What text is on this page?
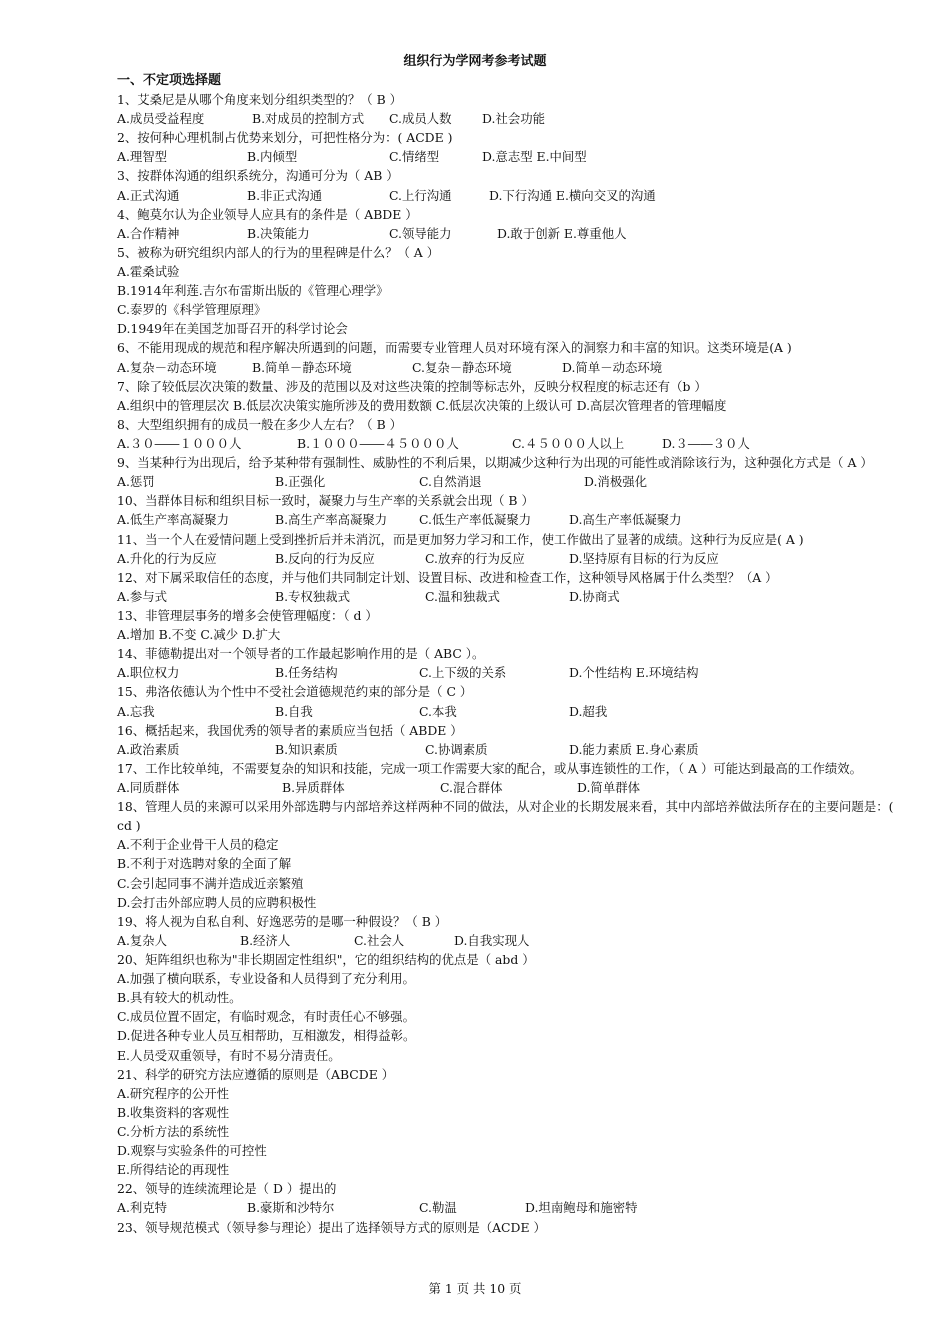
组织行为学网考参考试题
一、不定项选择题
1、艾桑尼是从哪个角度来划分组织类型的？（ B ）
A.成员受益程度	B.对成员的控制方式 C.成员人数 D.社会功能
2、按何种心理机制占优势来划分，可把性格分为：( ACDE )
A.理智型	B.内倾型	C.情绪型	D.意志型 E.中间型
3、按群体沟通的组织系统分，沟通可分为（ AB ）
A.正式沟通	B.非正式沟通	C.上行沟通	D.下行沟通 E.横向交叉的沟通
4、鲍莫尔认为企业领导人应具有的条件是（ ABDE ）
A.合作精神	B.决策能力	C.领导能力	D.敢于创新 E.尊重他人
5、被称为研究组织内部人的行为的里程碑是什么？（ A ）
A.霍桑试验
B.1914年利莲.吉尔布雷斯出版的《管理心理学》
C.泰罗的《科学管理原理》
D.1949年在美国芝加哥召开的科学讨论会
6、不能用现成的规范和程序解决所遇到的问题，而需要专业管理人员对环境有深入的洞察力和丰富的知识。这类环境是(A )
A.复杂－动态环境	B.简单－静态环境	C.复杂－静态环境	D.简单－动态环境
7、除了较低层次决策的数量、涉及的范围以及对这些决策的控制等标志外，反映分权程度的标志还有（b ）
A.组织中的管理层次 B.低层次决策实施所涉及的费用数额 C.低层次决策的上级认可 D.高层次管理者的管理幅度
8、大型组织拥有的成员一般在多少人左右？（ B ）
A.３０――１０００人	B.１０００――４５０００人	C.４５０００人以上	D.３――３０人
9、当某种行为出现后，给予某种带有强制性、威胁性的不利后果，以期减少这种行为出现的可能性或消除该行为，这种强化方式是（ A ）
A.惩罚	B.正强化	C.自然消退	D.消极强化
10、当群体目标和组织目标一致时，凝聚力与生产率的关系就会出现（ B ）
A.低生产率高凝聚力	B.高生产率高凝聚力	C.低生产率低凝聚力	D.高生产率低凝聚力
11、当一个人在爱情问题上受到挫折后并未消沉，而是更加努力学习和工作，使工作做出了显著的成绩。这种行为反应是( A )
A.升化的行为反应	B.反向的行为反应	C.放弃的行为反应	D.坚持原有目标的行为反应
12、对下属采取信任的态度，并与他们共同制定计划、设置目标、改进和检查工作，这种领导风格属于什么类型？（A ）
A.参与式	B.专权独裁式	C.温和独裁式	D.协商式
13、非管理层事务的增多会使管理幅度：（ d ）
A.增加 B.不变 C.减少 D.扩大
14、菲德勒提出对一个领导者的工作最起影响作用的是（ ABC ）。
A.职位权力	B.任务结构	C.上下级的关系	D.个性结构 E.环境结构
15、弗洛依德认为个性中不受社会道德规范约束的部分是（ C ）
A.忘我	B.自我	C.本我	D.超我
16、概括起来，我国优秀的领导者的素质应当包括（ ABDE ）
A.政治素质	B.知识素质	C.协调素质	D.能力素质 E.身心素质
17、工作比较单纯，不需要复杂的知识和技能，完成一项工作需要大家的配合，或从事连锁性的工作，（ A ）可能达到最高的工作绩效。
A.同质群体	B.异质群体	C.混合群体	D.简单群体
18、管理人员的来源可以采用外部选聘与内部培养这样两种不同的做法，从对企业的长期发展来看，其中内部培养做法所存在的主要问题是：( cd )
A.不利于企业骨干人员的稳定
B.不利于对选聘对象的全面了解
C.会引起同事不满并造成近亲繁殖
D.会打击外部应聘人员的应聘积极性
19、将人视为自私自利、好逸恶劳的是哪一种假设？（ B ）
A.复杂人	B.经济人	C.社会人	D.自我实现人
20、矩阵组织也称为"非长期固定性组织"，它的组织结构的优点是（ abd ）
A.加强了横向联系，专业设备和人员得到了充分利用。
B.具有较大的机动性。
C.成员位置不固定，有临时观念，有时责任心不够强。
D.促进各种专业人员互相帮助，互相激发，相得益彰。
E.人员受双重领导，有时不易分清责任。
21、科学的研究方法应遵循的原则是（ABCDE ）
A.研究程序的公开性
B.收集资料的客观性
C.分析方法的系统性
D.观察与实验条件的可控性
E.所得结论的再现性
22、领导的连续流理论是（ D ）提出的
A.利克特	B.豪斯和沙特尔	C.勒温	D.坦南鲍母和施密特
23、领导规范模式（领导参与理论）提出了选择领导方式的原则是（ACDE ）
第 1 页 共 10 页
